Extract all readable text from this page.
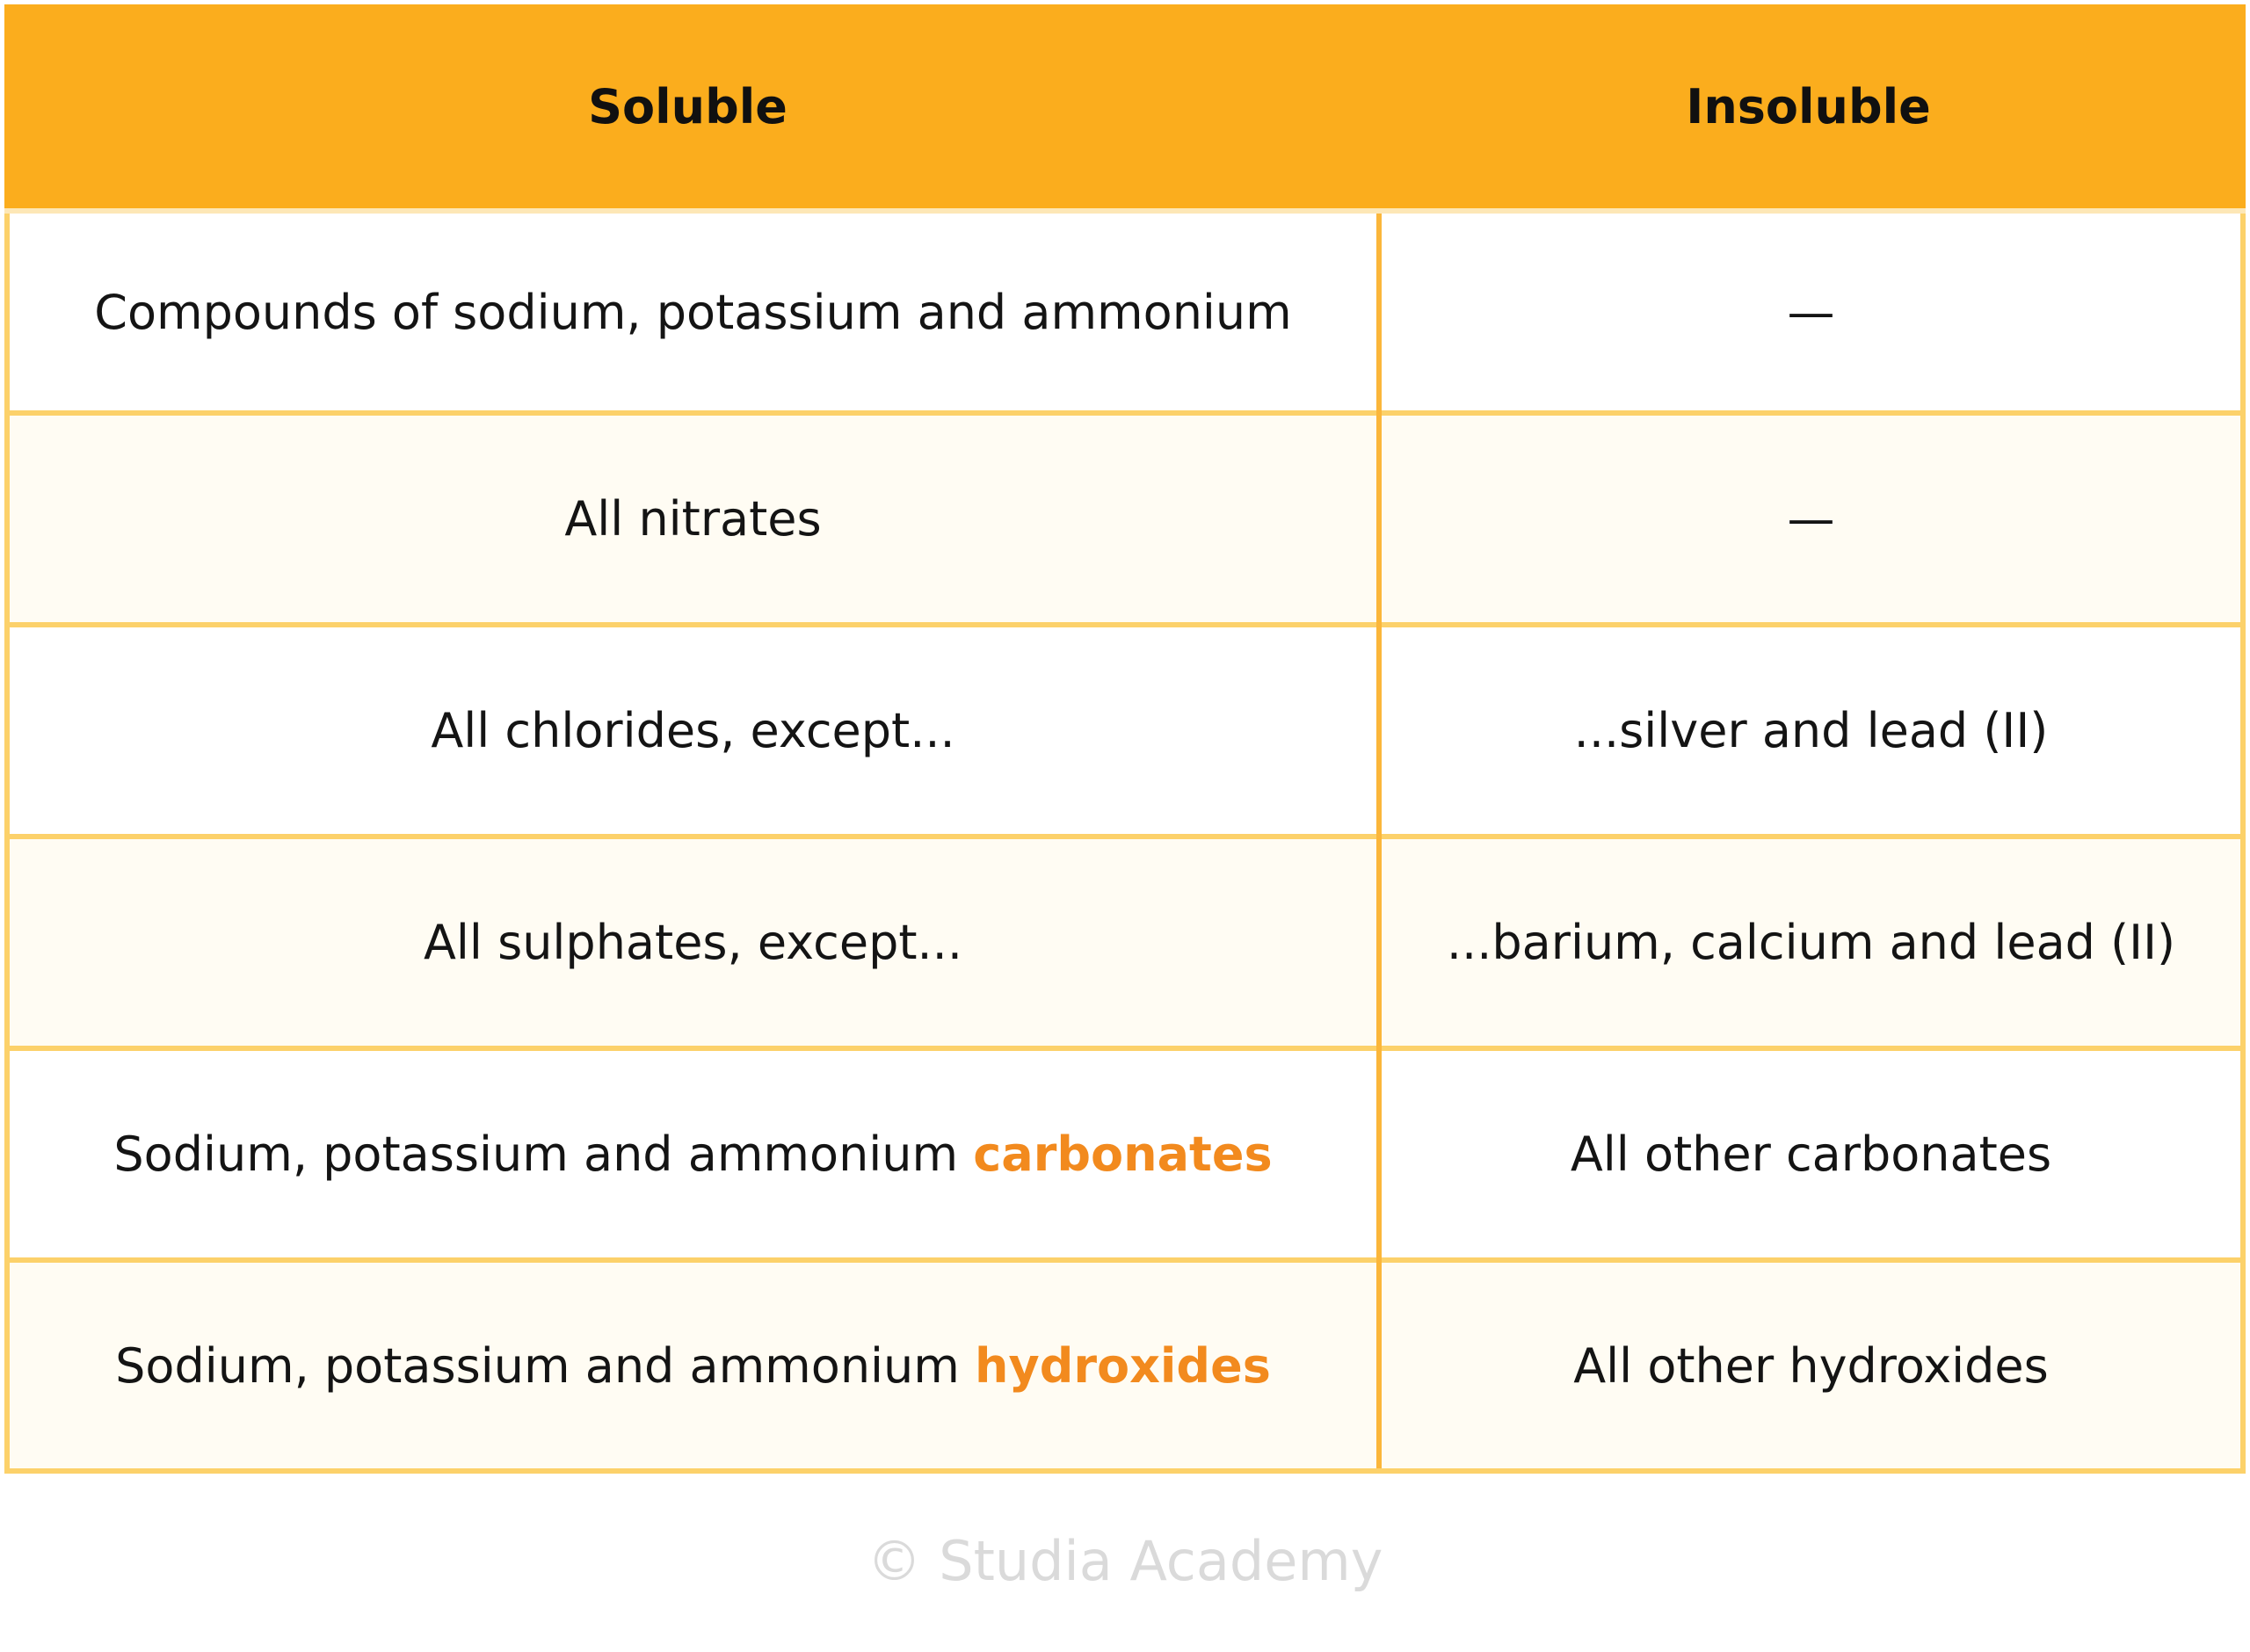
Soluble	Insoluble
Compounds of sodium, potassium and ammonium	—
All nitrates	—
All chlorides, except...	...silver and lead (II)
All sulphates, except...	...barium, calcium and lead (II)
Sodium, potassium and ammonium carbonates	All other carbonates
Sodium, potassium and ammonium hydroxides	All other hydroxides
© Studia Academy
